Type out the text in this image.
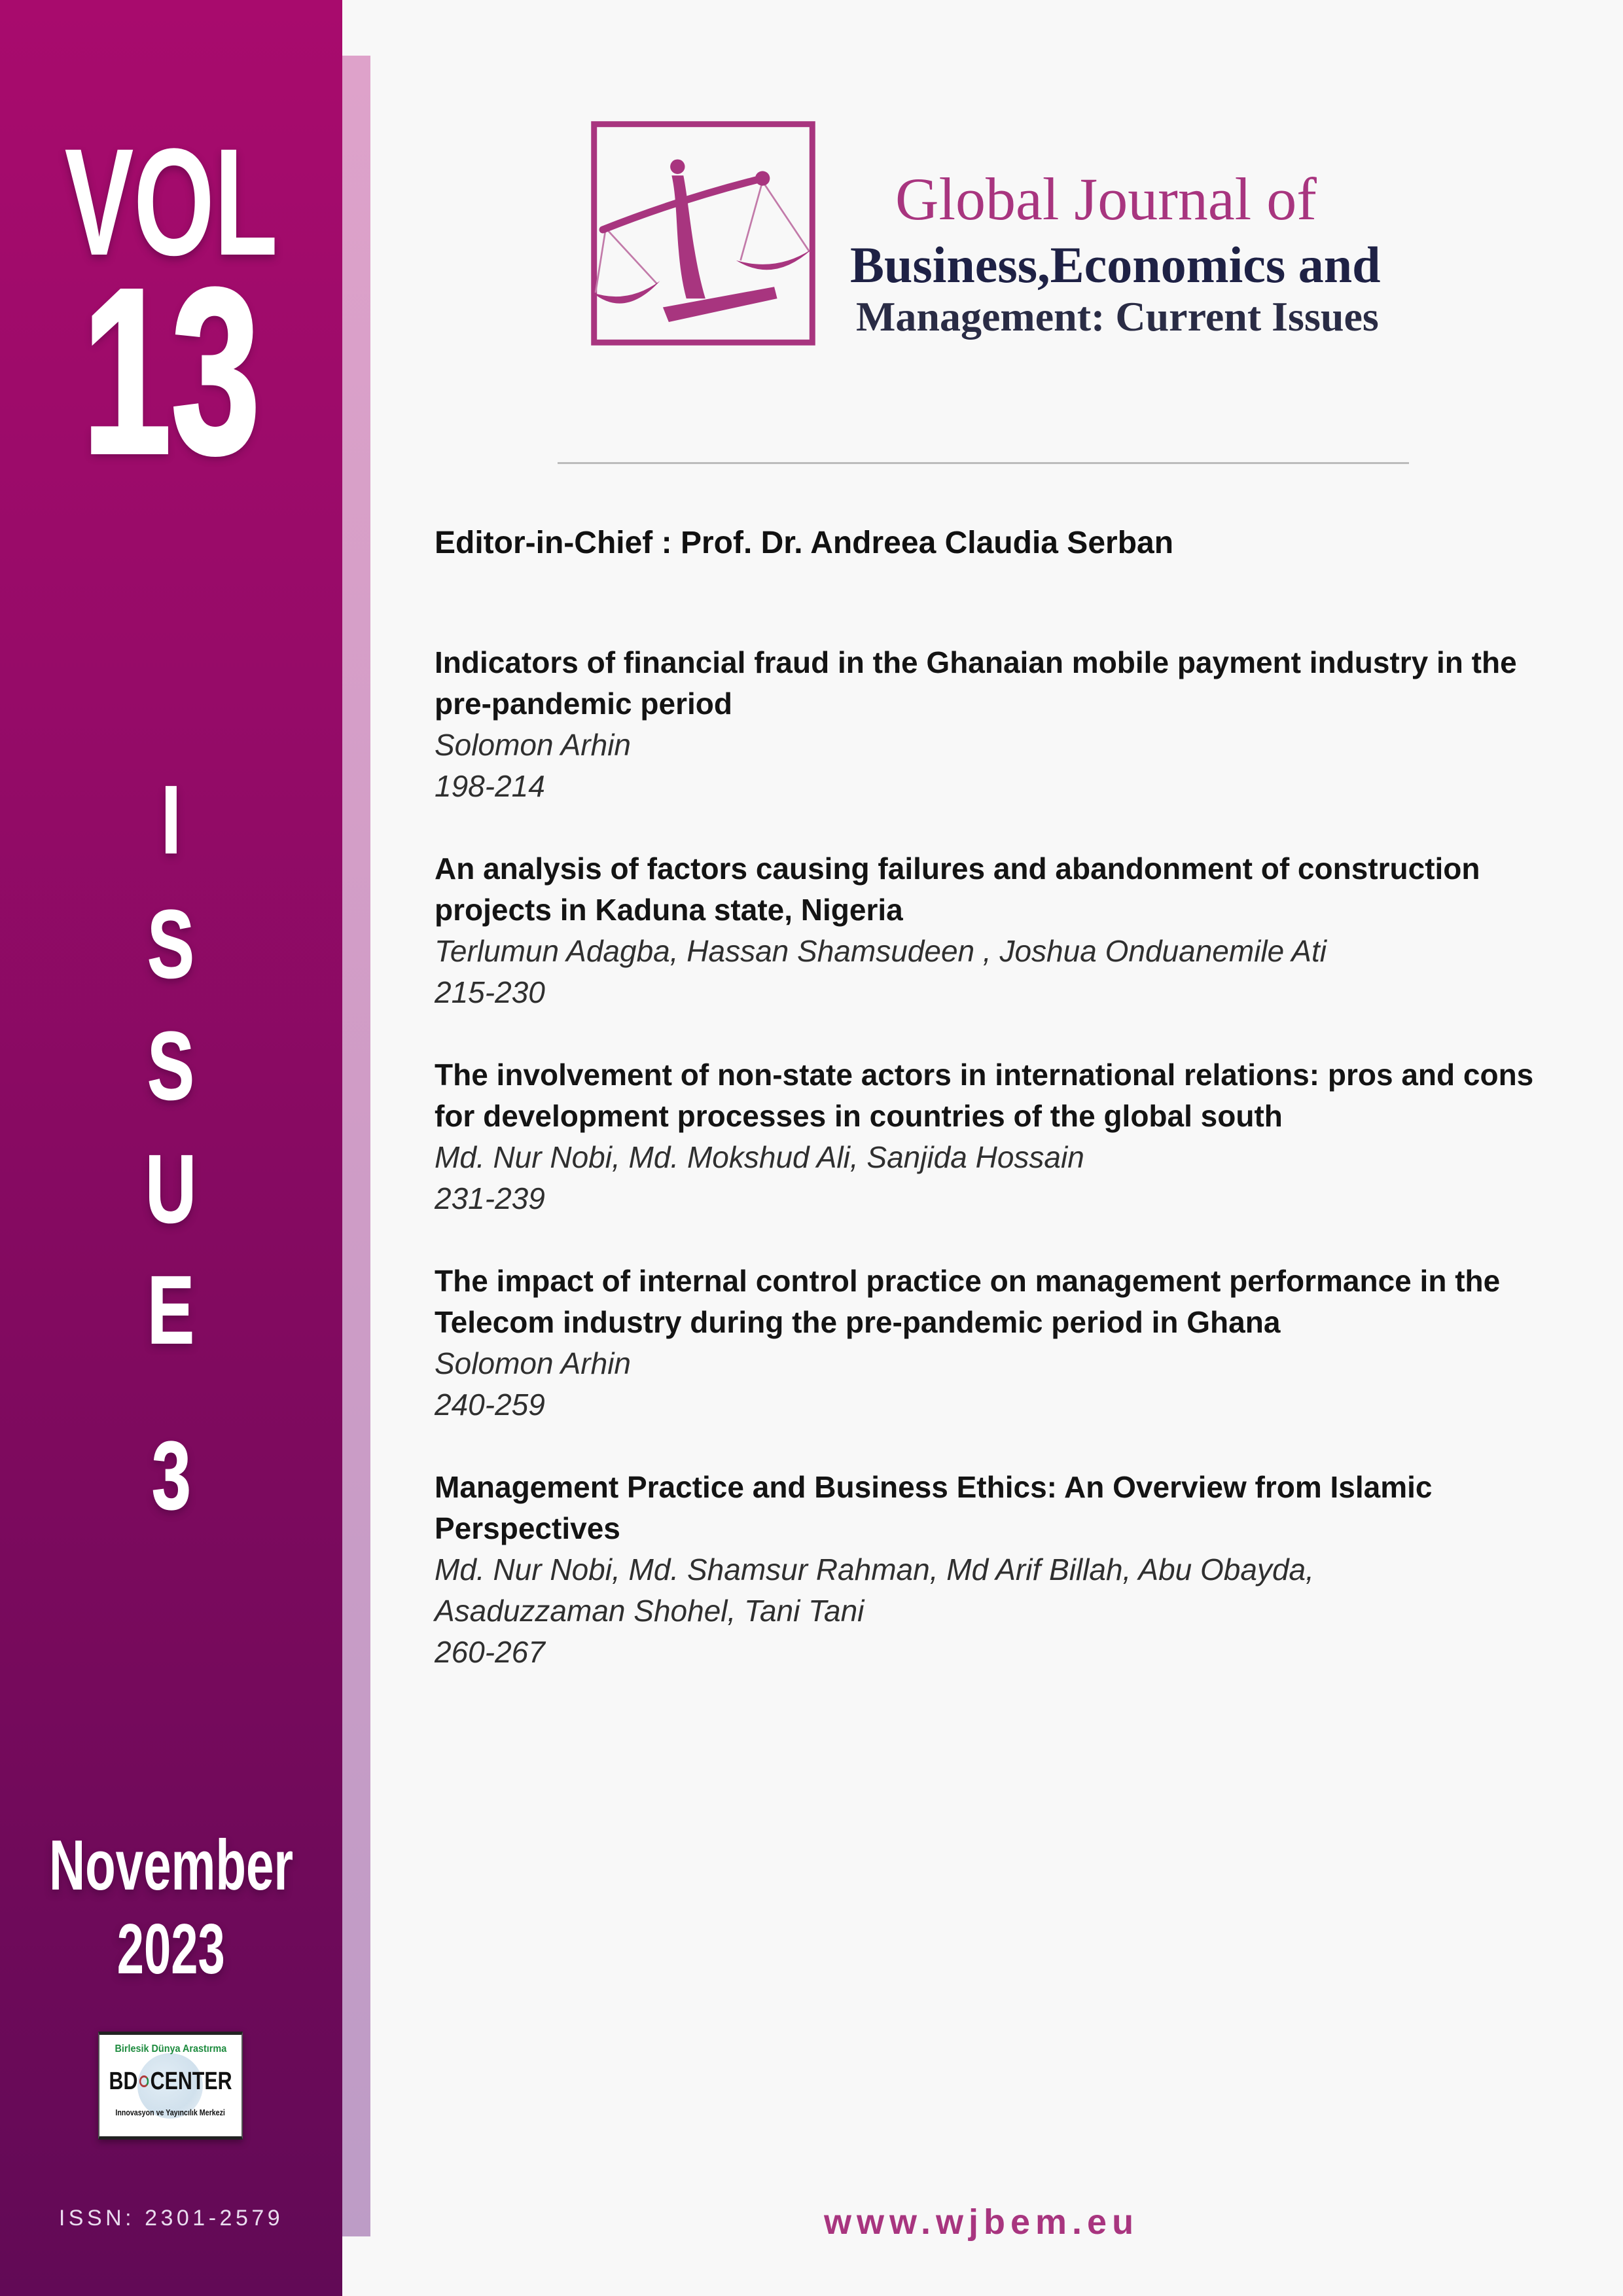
VOL
13
I
S
S
U
E
3
November
2023
Birlesik Dünya Arastırma
BD CENTER
Innovasyon ve Yayıncılık Merkezi
ISSN: 2301-2579
Global Journal of
Business,Economics and
Management: Current Issues
Editor-in-Chief : Prof. Dr. Andreea Claudia Serban
Indicators of financial fraud in the Ghanaian mobile payment industry in the pre-pandemic period
Solomon Arhin
198-214
An analysis of factors causing failures and abandonment of construction projects in Kaduna state, Nigeria
Terlumun Adagba, Hassan Shamsudeen , Joshua Onduanemile Ati
215-230
The involvement of non-state actors in international relations: pros and cons for development processes in countries of the global south
Md. Nur Nobi, Md. Mokshud Ali, Sanjida Hossain
231-239
The impact of internal control practice on management performance in the Telecom industry during the pre-pandemic period in Ghana
Solomon Arhin
240-259
Management Practice and Business Ethics: An Overview from Islamic Perspectives
Md. Nur Nobi, Md. Shamsur Rahman, Md Arif Billah, Abu Obayda, Asaduzzaman Shohel, Tani Tani
260-267
www.wjbem.eu
